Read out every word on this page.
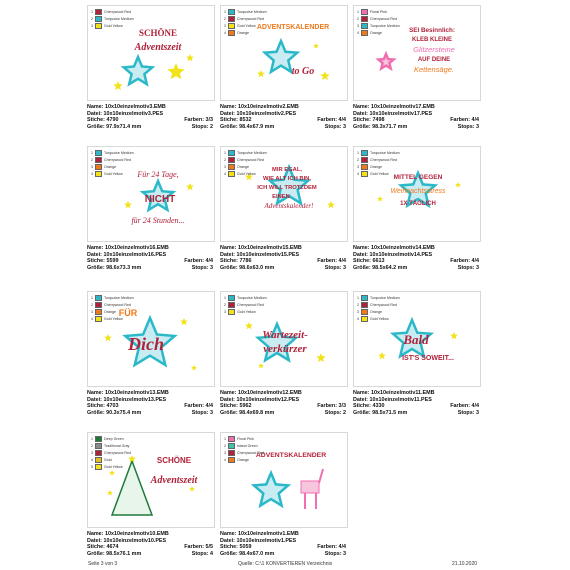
SCHÖNE
Adventszeit
1	Cherrywood Red
2	Turquoise Medium
3	Gold Yellow
Name: 10x10einzelmotiv3.EMB
Datei: 10x10einzelmotiv3.PES
Stiche: 4790	Farben: 3/3
Größe: 97.9x71.4 mm	Stops: 2
ADVENTSKALENDER
to Go
1	Turquoise Medium
2	Cherrywood Red
3	Gold Yellow
4	Orange
Name: 10x10einzelmotiv2.EMB
Datei: 10x10einzelmotiv2.PES
Stiche: 8532	Farben: 4/4
Größe: 98.4x67.9 mm	Stops: 3
SEI Besinnlich:
KLEB KLEINE
Glitzersteine
AUF DEINE
Kettensäge.
1	Floral Pink
2	Cherrywood Red
3	Turquoise Medium
4	Orange
Name: 10x10einzelmotiv17.EMB
Datei: 10x10einzelmotiv17.PES
Stiche: 7498	Farben: 4/4
Größe: 98.3x71.7 mm	Stops: 3
Für 24 Tage,
NICHT
für 24 Stunden...
1	Turquoise Medium
2	Cherrywood Red
3	Orange
4	Gold Yellow
Name: 10x10einzelmotiv16.EMB
Datei: 10x10einzelmotiv16.PES
Stiche: 5599	Farben: 4/4
Größe: 98.6x73.3 mm	Stops: 3
MIR EGAL,
WIE ALT ICH BIN,
ICH WILL TROTZDEM
EINEN
Adventskalender!
1	Turquoise Medium
2	Cherrywood Red
3	Orange
4	Gold Yellow
Name: 10x10einzelmotiv15.EMB
Datei: 10x10einzelmotiv15.PES
Stiche: 7786	Farben: 4/4
Größe: 98.6x63.0 mm	Stops: 3
MITTEL GEGEN
Weihnachtsstress
1X TÄGLICH
1	Turquoise Medium
2	Cherrywood Red
3	Orange
4	Gold Yellow
Name: 10x10einzelmotiv14.EMB
Datei: 10x10einzelmotiv14.PES
Stiche: 6613	Farben: 4/4
Größe: 98.5x64.2 mm	Stops: 3
FÜR
Dich
1	Turquoise Medium
2	Cherrywood Red
3	Orange
4	Gold Yellow
Name: 10x10einzelmotiv13.EMB
Datei: 10x10einzelmotiv13.PES
Stiche: 4703	Farben: 4/4
Größe: 90.3x75.4 mm	Stops: 3
Wartezeit-
verkürzer
1	Turquoise Medium
2	Cherrywood Red
3	Gold Yellow
Name: 10x10einzelmotiv12.EMB
Datei: 10x10einzelmotiv12.PES
Stiche: 5962	Farben: 3/3
Größe: 98.4x69.8 mm	Stops: 2
Bald
IST'S SOWEIT...
1	Turquoise Medium
2	Cherrywood Red
3	Orange
4	Gold Yellow
Name: 10x10einzelmotiv11.EMB
Datei: 10x10einzelmotiv11.PES
Stiche: 4330	Farben: 4/4
Größe: 98.5x71.5 mm	Stops: 3
SCHÖNE
Adventszeit
1	Deep Green
2	Traditional Gray
3	Cherrywood Red
4	Gold
5	Gold Yellow
Name: 10x10einzelmotiv10.EMB
Datei: 10x10einzelmotiv10.PES
Stiche: 4674	Farben: 5/5
Größe: 98.5x76.1 mm	Stops: 4
ADVENTSKALENDER
1	Floral Pink
2	Island Green
3	Cherrywood Red
4	Orange
Name: 10x10einzelmotiv1.EMB
Datei: 10x10einzelmotiv1.PES
Stiche: 5059	Farben: 4/4
Größe: 98.4x67.0 mm	Stops: 3
Seite 3 von 3	Quelle: C:\1 KONVERTIEREN Verzeichnis	21.10.2020
